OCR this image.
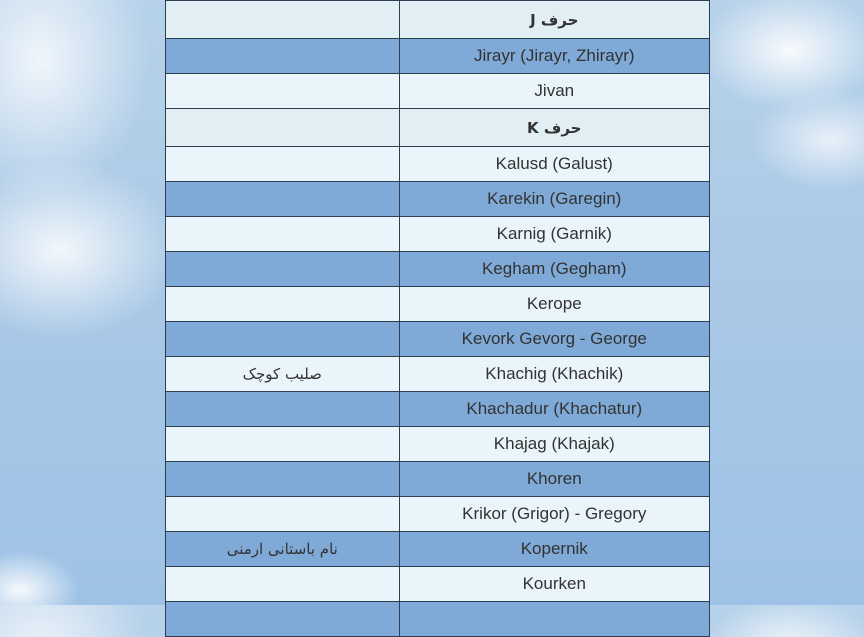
	حرف J
	Jirayr (Jirayr, Zhirayr)
	Jivan
	حرف K
	Kalusd (Galust)
	Karekin (Garegin)
	Karnig (Garnik)
	Kegham (Gegham)
	Kerope
	Kevork Gevorg - George
صلیب کوچک	Khachig (Khachik)
	Khachadur (Khachatur)
	Khajag (Khajak)
	Khoren
	Krikor (Grigor) - Gregory
نام باستانی ارمنی	Kopernik
	Kourken
